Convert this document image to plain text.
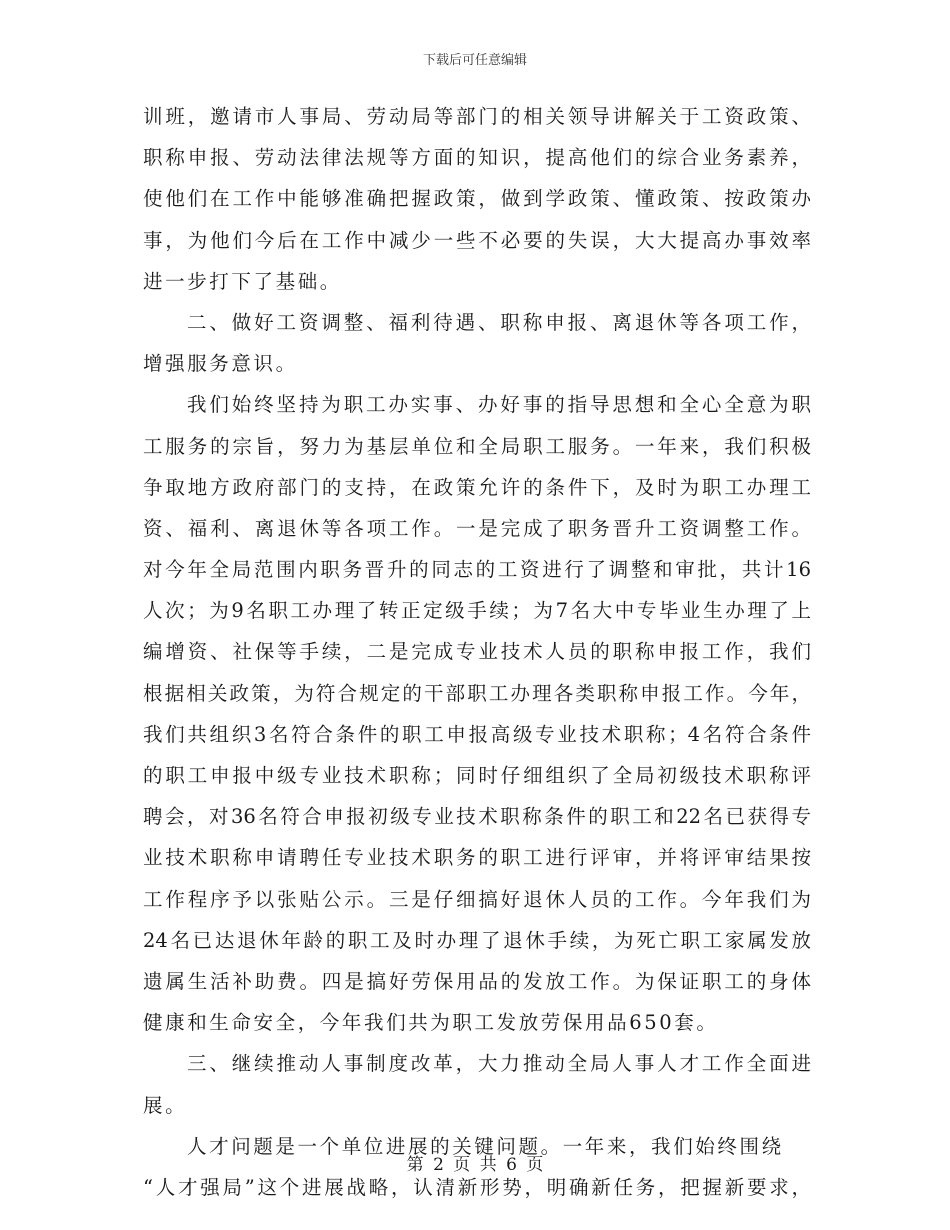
下载后可任意编辑
训班，邀请市人事局、劳动局等部门的相关领导讲解关于工资政策、
职称申报、劳动法律法规等方面的知识，提高他们的综合业务素养，
使他们在工作中能够准确把握政策，做到学政策、懂政策、按政策办
事，为他们今后在工作中减少一些不必要的失误，大大提高办事效率
进一步打下了基础。
二、做好工资调整、福利待遇、职称申报、离退休等各项工作，
增强服务意识。
我们始终坚持为职工办实事、办好事的指导思想和全心全意为职
工服务的宗旨，努力为基层单位和全局职工服务。一年来，我们积极
争取地方政府部门的支持，在政策允许的条件下，及时为职工办理工
资、福利、离退休等各项工作。一是完成了职务晋升工资调整工作。
对今年全局范围内职务晋升的同志的工资进行了调整和审批，共计16
人次；为9名职工办理了转正定级手续；为7名大中专毕业生办理了上
编增资、社保等手续，二是完成专业技术人员的职称申报工作，我们
根据相关政策，为符合规定的干部职工办理各类职称申报工作。今年，
我们共组织3名符合条件的职工申报高级专业技术职称；4名符合条件
的职工申报中级专业技术职称；同时仔细组织了全局初级技术职称评
聘会，对36名符合申报初级专业技术职称条件的职工和22名已获得专
业技术职称申请聘任专业技术职务的职工进行评审，并将评审结果按
工作程序予以张贴公示。三是仔细搞好退休人员的工作。今年我们为
24名已达退休年龄的职工及时办理了退休手续，为死亡职工家属发放
遗属生活补助费。四是搞好劳保用品的发放工作。为保证职工的身体
健康和生命安全，今年我们共为职工发放劳保用品650套。
三、继续推动人事制度改革，大力推动全局人事人才工作全面进
展。
人才问题是一个单位进展的关键问题。一年来，我们始终围绕
“人才强局”这个进展战略，认清新形势，明确新任务，把握新要求，
第 2 页 共 6 页
